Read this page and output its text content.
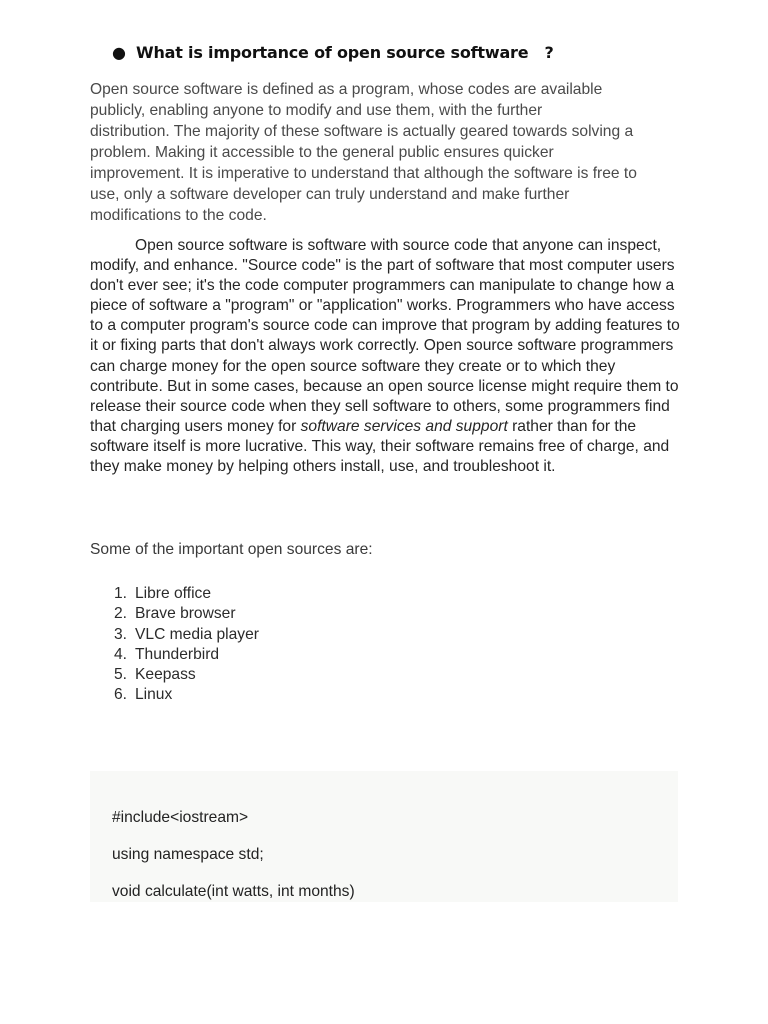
● What is importance of open source software   ?

Open source software is defined as a program, whose codes are available
publicly, enabling anyone to modify and use them, with the further
distribution. The majority of these software is actually geared towards solving a
problem. Making it accessible to the general public ensures quicker
improvement. It is imperative to understand that although the software is free to
use, only a software developer can truly understand and make further
modifications to the code.

Open source software is software with source code that anyone can inspect, modify, and enhance. "Source code" is the part of software that most computer users don't ever see; it's the code computer programmers can manipulate to change how a piece of software a "program" or "application" works. Programmers who have access to a computer program's source code can improve that program by adding features to it or fixing parts that don't always work correctly. Open source software programmers can charge money for the open source software they create or to which they contribute. But in some cases, because an open source license might require them to release their source code when they sell software to others, some programmers find that charging users money for software services and support rather than for the software itself is more lucrative. This way, their software remains free of charge, and they make money by helping others install, use, and troubleshoot it.

Some of the important open sources are:

1. Libre office
2. Brave browser
3. VLC media player
4. Thunderbird
5. Keepass
6. Linux
#include<iostream>
using namespace std;
void calculate(int watts, int months)
